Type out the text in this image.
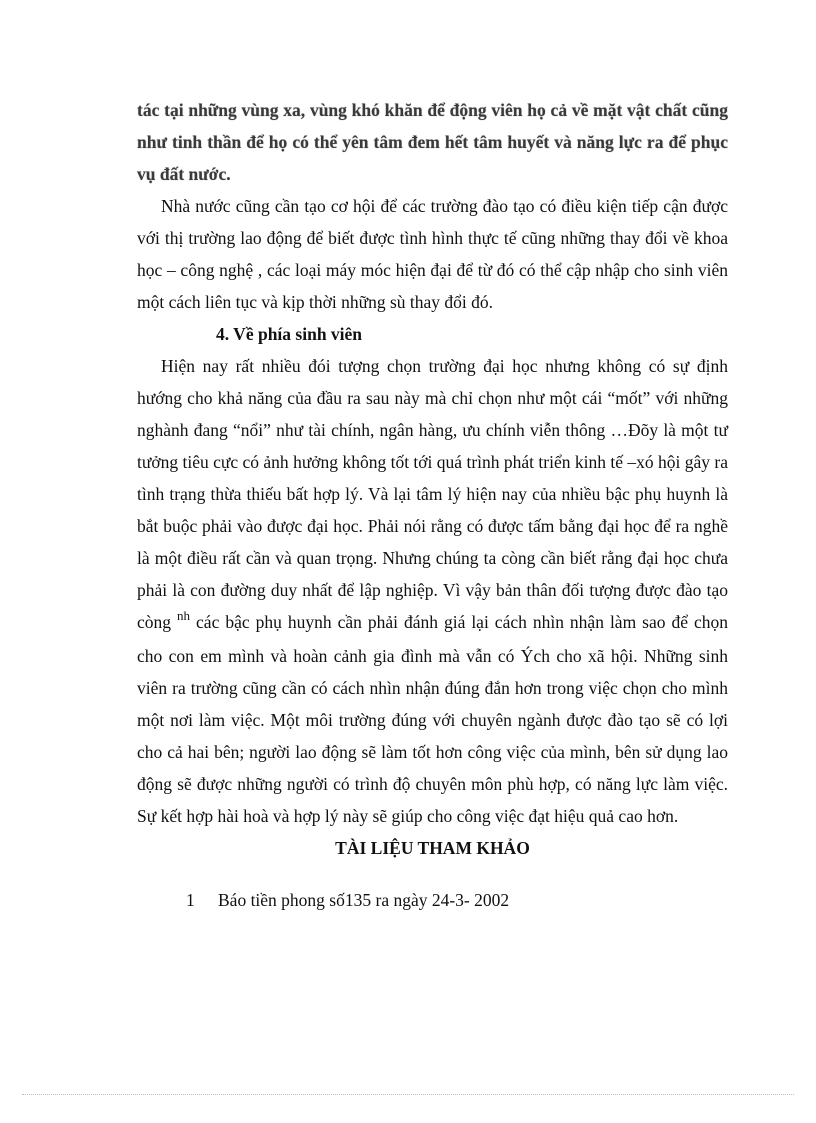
tác tại những vùng xa, vùng khó khăn để động viên họ cả về mặt vật chất cũng như tinh thần để họ có thể yên tâm đem hết tâm huyết và năng lực ra để phục vụ đất nước.

Nhà nước cũng cần tạo cơ hội để các trường đào tạo có điều kiện tiếp cận được với thị trường lao động để biết được tình hình thực tế cũng những thay đổi về khoa học – công nghệ , các loại máy móc hiện đại để từ đó có thể cập nhập cho sinh viên một cách liên tục và kịp thời những sù thay đổi đó.

4. Về phía sinh viên

Hiện nay rất nhiều đói tượng chọn trường đại học nhưng không có sự định hướng cho khả năng của đầu ra sau này mà chỉ chọn như một cái “mốt” với những nghành đang “nổi” như tài chính, ngân hàng, ưu chính viễn thông …Đõy là một tư tưởng tiêu cực có ảnh hưởng không tốt tới quá trình phát triển kinh tế –xó hội gây ra tình trạng thừa thiếu bất hợp lý. Và lại tâm lý hiện nay của nhiều bậc phụ huynh là bắt buộc phải vào được đại học. Phải nói rằng có được tấm bằng đại học để ra nghề là một điều rất cần và quan trọng. Nhưng chúng ta còng cần biết rằng đại học chưa phải là con đường duy nhất để lập nghiệp. Vì vậy bản thân đối tượng được đào tạo còng $^{nh}$ các bậc phụ huynh cần phải đánh giá lại cách nhìn nhận làm sao để chọn cho con em mình và hoàn cảnh gia đình mà vẫn có Ých cho xã hội. Những sinh viên ra trường cũng cần có cách nhìn nhận đúng đắn hơn trong việc chọn cho mình một nơi làm việc. Một môi trường đúng với chuyên ngành được đào tạo sẽ có lợi cho cả hai bên; người lao động sẽ làm tốt hơn công việc của mình, bên sử dụng lao động sẽ được những người có trình độ chuyên môn phù hợp, có năng lực làm việc. Sự kết hợp hài hoà và hợp lý này sẽ giúp cho công việc đạt hiệu quả cao hơn.

TÀI LIỆU THAM KHẢO

1	Báo tiền phong số135 ra ngày 24-3- 2002
